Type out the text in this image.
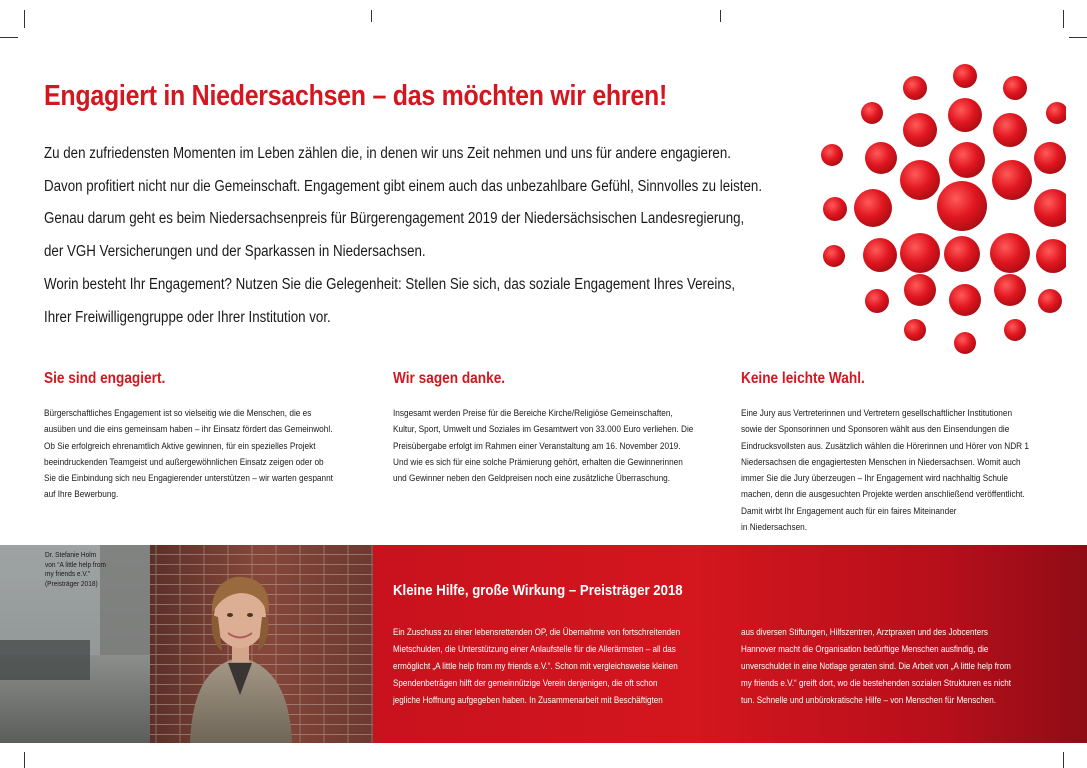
Engagiert in Niedersachsen – das möchten wir ehren!

Zu den zufriedensten Momenten im Leben zählen die, in denen wir uns Zeit nehmen und uns für andere engagieren.

Davon profitiert nicht nur die Gemeinschaft. Engagement gibt einem auch das unbezahlbare Gefühl, Sinnvolles zu leisten.

Genau darum geht es beim Niedersachsenpreis für Bürgerengagement 2019 der Niedersächsischen Landesregierung,

der VGH Versicherungen und der Sparkassen in Niedersachsen.

Worin besteht Ihr Engagement? Nutzen Sie die Gelegenheit: Stellen Sie sich, das soziale Engagement Ihres Vereins,

Ihrer Freiwilligengruppe oder Ihrer Institution vor.

Sie sind engagiert.
Bürgerschaftliches Engagement ist so vielseitig wie die Menschen, die es
ausüben und die eins gemeinsam haben – ihr Einsatz fördert das Gemeinwohl.
Ob Sie erfolgreich ehrenamtlich Aktive gewinnen, für ein spezielles Projekt
beeindruckenden Teamgeist und außergewöhnlichen Einsatz zeigen oder ob
Sie die Einbindung sich neu Engagierender unterstützen – wir warten gespannt
auf Ihre Bewerbung.
Wir sagen danke.
Insgesamt werden Preise für die Bereiche Kirche/Religiöse Gemeinschaften,
Kultur, Sport, Umwelt und Soziales im Gesamtwert von 33.000 Euro verliehen. Die
Preisübergabe erfolgt im Rahmen einer Veranstaltung am 16. November 2019.
Und wie es sich für eine solche Prämierung gehört, erhalten die Gewinnerinnen
und Gewinner neben den Geldpreisen noch eine zusätzliche Überraschung.
Keine leichte Wahl.
Eine Jury aus Vertreterinnen und Vertretern gesellschaftlicher Institutionen
sowie der Sponsorinnen und Sponsoren wählt aus den Einsendungen die
Eindrucksvollsten aus. Zusätzlich wählen die Hörerinnen und Hörer von NDR 1
Niedersachsen die engagiertesten Menschen in Niedersachsen. Womit auch
immer Sie die Jury überzeugen – Ihr Engagement wird nachhaltig Schule
machen, denn die ausgesuchten Projekte werden anschließend veröffentlicht.
Damit wirbt Ihr Engagement auch für ein faires Miteinander
in Niedersachsen.
Dr. Stefanie Holm
von “A little help from
my friends e.V.”
(Preisträger 2018)	Kleine Hilfe, große Wirkung – Preisträger 2018
Ein Zuschuss zu einer lebensrettenden OP, die Übernahme von fortschreitenden
Mietschulden, die Unterstützung einer Anlaufstelle für die Allerärmsten – all das
ermöglicht „A little help from my friends e.V.“. Schon mit vergleichsweise kleinen
Spendenbeträgen hilft der gemeinnützige Verein denjenigen, die oft schon
jegliche Hoffnung aufgegeben haben. In Zusammenarbeit mit Beschäftigten
aus diversen Stiftungen, Hilfszentren, Arztpraxen und des Jobcenters
Hannover macht die Organisation bedürftige Menschen ausfindig, die
unverschuldet in eine Notlage geraten sind. Die Arbeit von „A little help from
my friends e.V.“ greift dort, wo die bestehenden sozialen Strukturen es nicht
tun. Schnelle und unbürokratische Hilfe – von Menschen für Menschen.
